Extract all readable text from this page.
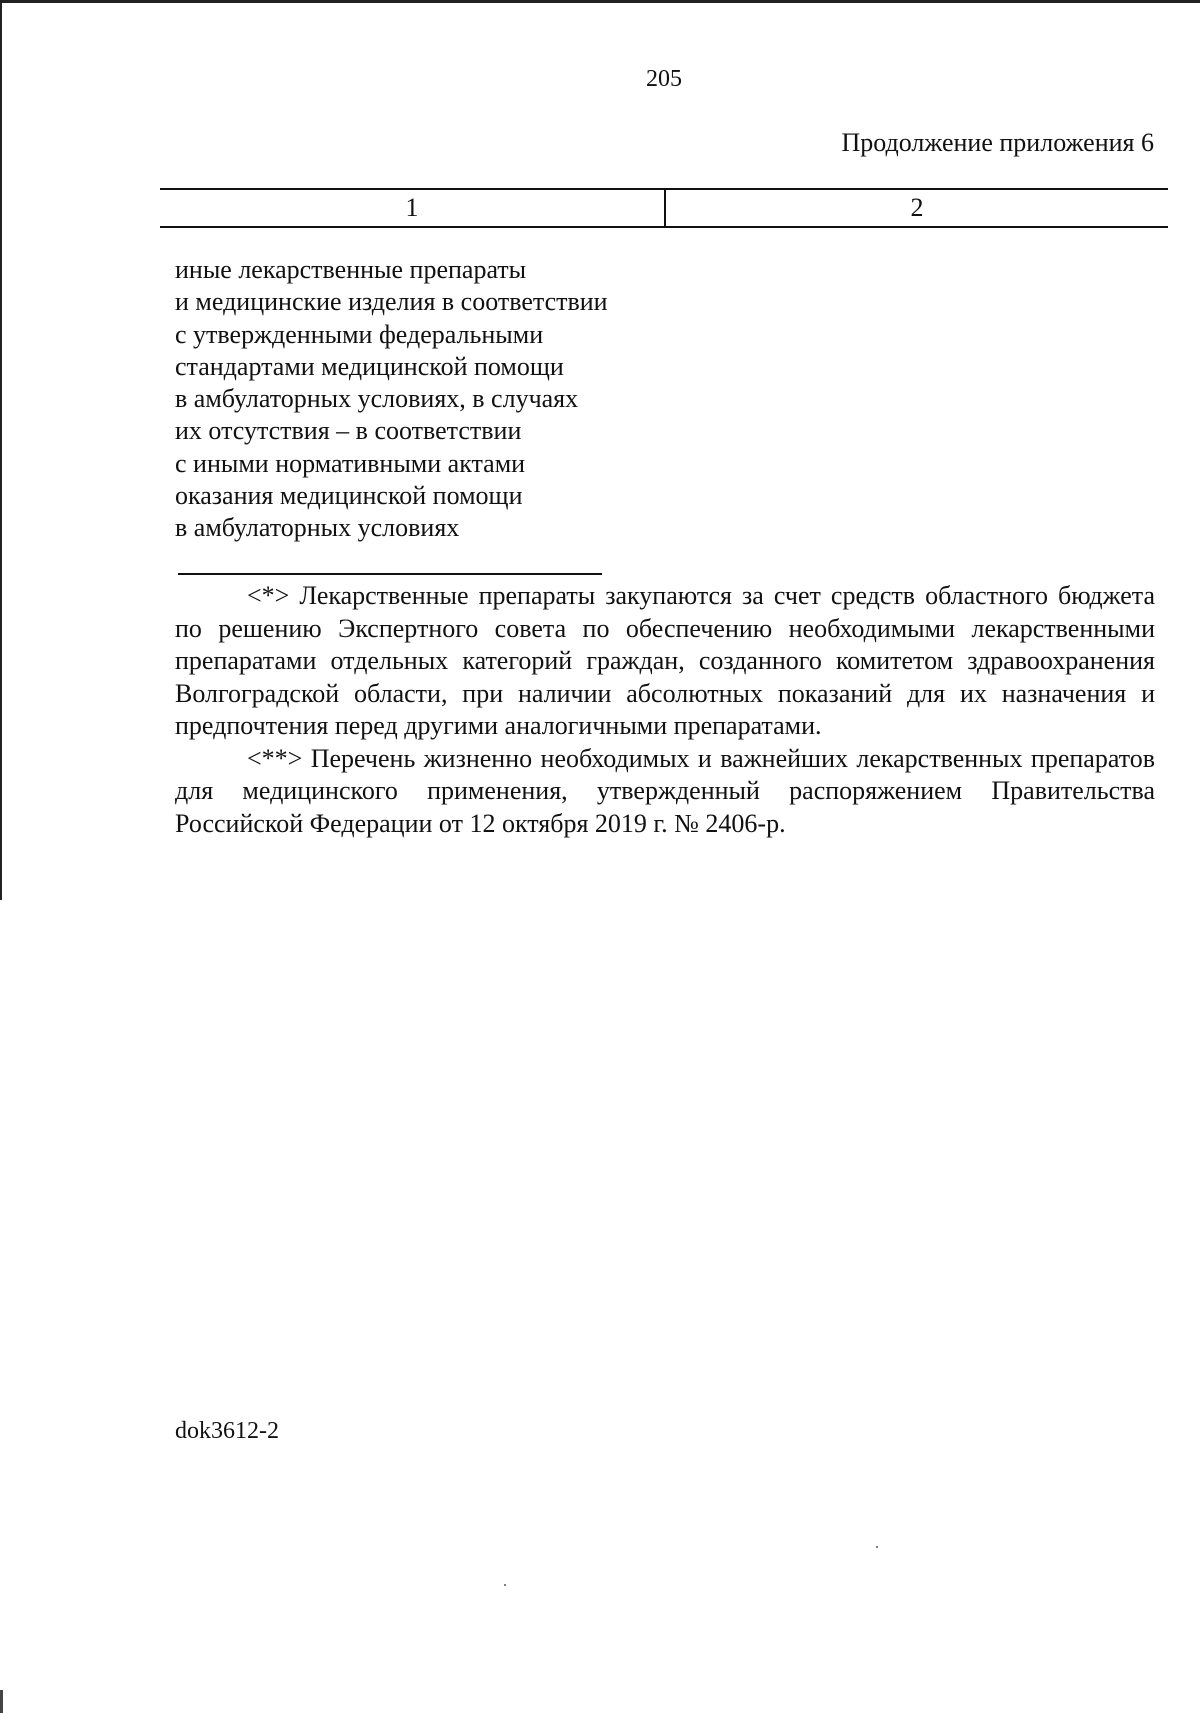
205
Продолжение приложения 6
1	2
иные лекарственные препараты
и медицинские изделия в соответствии
с утвержденными федеральными
стандартами медицинской помощи
в амбулаторных условиях, в случаях
их отсутствия – в соответствии
с иными нормативными актами
оказания медицинской помощи
в амбулаторных условиях

<*> Лекарственные препараты закупаются за счет средств областного бюджета по решению Экспертного совета по обеспечению необходимыми лекарственными препаратами отдельных категорий граждан, созданного комитетом здравоохранения Волгоградской области, при наличии абсолютных показаний для их назначения и предпочтения перед другими аналогичными препаратами.

<**> Перечень жизненно необходимых и важнейших лекарственных препаратов для медицинского применения, утвержденный распоряжением Правительства Российской Федерации от 12 октября 2019 г. № 2406-р.

dok3612-2
